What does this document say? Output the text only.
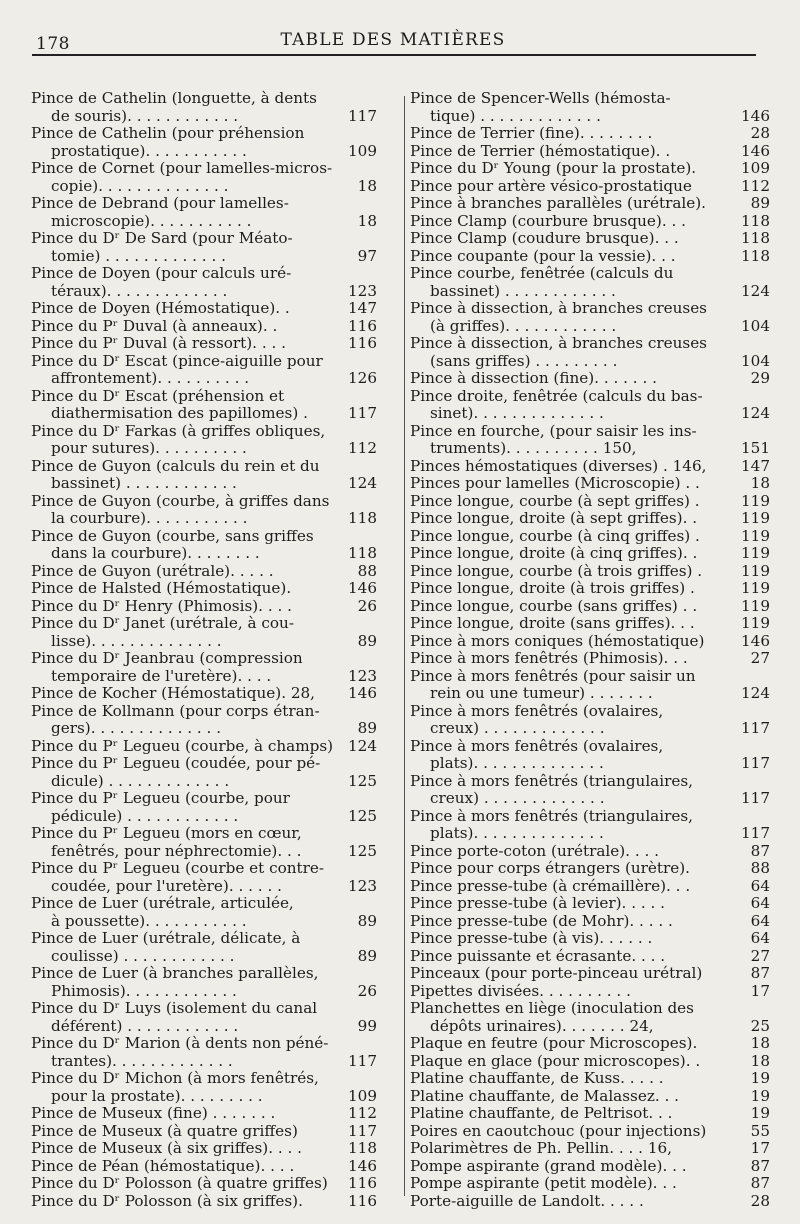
178	TABLE DES MATIÈRES
Pince de Cathelin (longuette, à dents
de souris). . . . . . . . . . . .	117
Pince de Cathelin (pour préhension
prostatique). . . . . . . . . . .	109
Pince de Cornet (pour lamelles-micros-
copie). . . . . . . . . . . . . .	18
Pince de Debrand (pour lamelles-
microscopie). . . . . . . . . . .	18
Pince du Dʳ De Sard (pour Méato-
tomie) . . . . . . . . . . . . .	97
Pince de Doyen (pour calculs uré-
téraux). . . . . . . . . . . . .	123
Pince de Doyen (Hémostatique). .	147
Pince du Pʳ Duval (à anneaux). .	116
Pince du Pʳ Duval (à ressort). . . .	116
Pince du Dʳ Escat (pince-aiguille pour
affrontement). . . . . . . . . .	126
Pince du Dʳ Escat (préhension et
diathermisation des papillomes) .	117
Pince du Dʳ Farkas (à griffes obliques,
pour sutures). . . . . . . . . .	112
Pince de Guyon (calculs du rein et du
bassinet) . . . . . . . . . . . .	124
Pince de Guyon (courbe, à griffes dans
la courbure). . . . . . . . . . .	118
Pince de Guyon (courbe, sans griffes
dans la courbure). . . . . . . .	118
Pince de Guyon (urétrale). . . . .	88
Pince de Halsted (Hémostatique).	146
Pince du Dʳ Henry (Phimosis). . . .	26
Pince du Dʳ Janet (urétrale, à cou-
lisse). . . . . . . . . . . . . .	89
Pince du Dʳ Jeanbrau (compression
temporaire de l'uretère). . . .	123
Pince de Kocher (Hémostatique). 28,	146
Pince de Kollmann (pour corps étran-
gers). . . . . . . . . . . . . .	89
Pince du Pʳ Legueu (courbe, à champs) 124
Pince du Pʳ Legueu (coudée, pour pé-
dicule) . . . . . . . . . . . . .	125
Pince du Pʳ Legueu (courbe, pour
pédicule) . . . . . . . . . . . .	125
Pince du Pʳ Legueu (mors en cœur,
fenêtrés, pour néphrectomie). . .	125
Pince du Pʳ Legueu (courbe et contre-
coudée, pour l'uretère). . . . . .	123
Pince de Luer (urétrale, articulée,
à poussette). . . . . . . . . . .	89
Pince de Luer (urétrale, délicate, à
coulisse) . . . . . . . . . . . .	89
Pince de Luer (à branches parallèles,
Phimosis). . . . . . . . . . . .	26
Pince du Dʳ Luys (isolement du canal
déférent) . . . . . . . . . . . .	99
Pince du Dʳ Marion (à dents non péné-
trantes). . . . . . . . . . . . .	117
Pince du Dʳ Michon (à mors fenêtrés,
pour la prostate). . . . . . . . .	109
Pince de Museux (fine) . . . . . . .	112
Pince de Museux (à quatre griffes)	117
Pince de Museux (à six griffes). . . .	118
Pince de Péan (hémostatique). . . .	146
Pince du Dʳ Polosson (à quatre griffes)	116
Pince du Dʳ Polosson (à six griffes).	116
Pince de Spencer-Wells (hémosta-
tique) . . . . . . . . . . . . .	146
Pince de Terrier (fine). . . . . . . .	28
Pince de Terrier (hémostatique). .	146
Pince du Dʳ Young (pour la prostate).	109
Pince pour artère vésico-prostatique	112
Pince à branches parallèles (urétrale).	89
Pince Clamp (courbure brusque). . .	118
Pince Clamp (coudure brusque). . .	118
Pince coupante (pour la vessie). . .	118
Pince courbe, fenêtrée (calculs du
bassinet) . . . . . . . . . . . .	124
Pince à dissection, à branches creuses
(à griffes). . . . . . . . . . . .	104
Pince à dissection, à branches creuses
(sans griffes) . . . . . . . . .	104
Pince à dissection (fine). . . . . . .	29
Pince droite, fenêtrée (calculs du bas-
sinet). . . . . . . . . . . . . .	124
Pince en fourche, (pour saisir les ins-
truments). . . . . . . . . . 150,	151
Pinces hémostatiques (diverses) . 146,	147
Pinces pour lamelles (Microscopie) . .	18
Pince longue, courbe (à sept griffes) .	119
Pince longue, droite (à sept griffes). .	119
Pince longue, courbe (à cinq griffes) .	119
Pince longue, droite (à cinq griffes). .	119
Pince longue, courbe (à trois griffes) .	119
Pince longue, droite (à trois griffes) .	119
Pince longue, courbe (sans griffes) . .	119
Pince longue, droite (sans griffes). . .	119
Pince à mors coniques (hémostatique)	146
Pince à mors fenêtrés (Phimosis). . .	27
Pince à mors fenêtrés (pour saisir un
rein ou une tumeur) . . . . . . .	124
Pince à mors fenêtrés (ovalaires,
creux) . . . . . . . . . . . . .	117
Pince à mors fenêtrés (ovalaires,
plats). . . . . . . . . . . . . .	117
Pince à mors fenêtrés (triangulaires,
creux) . . . . . . . . . . . . .	117
Pince à mors fenêtrés (triangulaires,
plats). . . . . . . . . . . . . .	117
Pince porte-coton (urétrale). . . .	87
Pince pour corps étrangers (urètre).	88
Pince presse-tube (à crémaillère). . .	64
Pince presse-tube (à levier). . . . .	64
Pince presse-tube (de Mohr). . . . .	64
Pince presse-tube (à vis). . . . . .	64
Pince puissante et écrasante. . . .	27
Pinceaux (pour porte-pinceau urétral)	87
Pipettes divisées. . . . . . . . . .	17
Planchettes en liège (inoculation des
dépôts urinaires). . . . . . . 24,	25
Plaque en feutre (pour Microscopes).	18
Plaque en glace (pour microscopes). .	18
Platine chauffante, de Kuss. . . . .	19
Platine chauffante, de Malassez. . .	19
Platine chauffante, de Peltrisot. . .	19
Poires en caoutchouc (pour injections)	55
Polarimètres de Ph. Pellin. . . . 16,	17
Pompe aspirante (grand modèle). . .	87
Pompe aspirante (petit modèle). . .	87
Porte-aiguille de Landolt. . . . .	28
